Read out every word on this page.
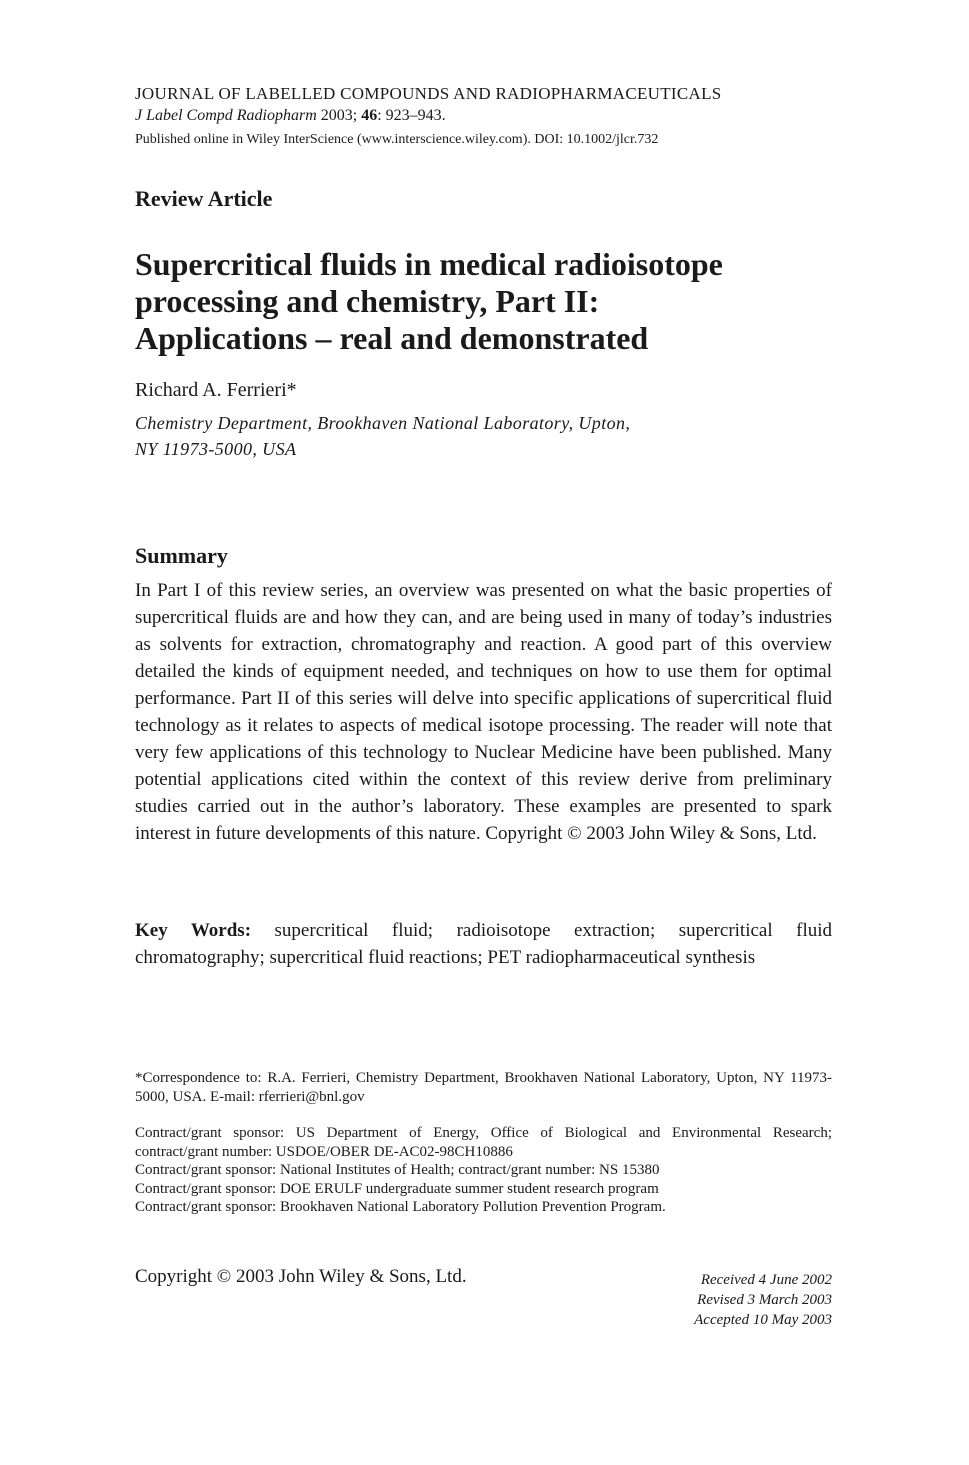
JOURNAL OF LABELLED COMPOUNDS AND RADIOPHARMACEUTICALS
J Label Compd Radiopharm 2003; 46: 923–943.
Published online in Wiley InterScience (www.interscience.wiley.com). DOI: 10.1002/jlcr.732
Review Article
Supercritical fluids in medical radioisotope
processing and chemistry, Part II:
Applications – real and demonstrated
Richard A. Ferrieri*
Chemistry Department, Brookhaven National Laboratory, Upton,
NY 11973-5000, USA
Summary

In Part I of this review series, an overview was presented on what the basic properties of supercritical fluids are and how they can, and are being used in many of today’s industries as solvents for extraction, chromatography and reaction. A good part of this overview detailed the kinds of equipment needed, and techniques on how to use them for optimal performance. Part II of this series will delve into specific applications of supercritical fluid technology as it relates to aspects of medical isotope processing. The reader will note that very few applications of this technology to Nuclear Medicine have been published. Many potential applications cited within the context of this review derive from preliminary studies carried out in the author’s laboratory. These examples are presented to spark interest in future developments of this nature. Copyright © 2003 John Wiley & Sons, Ltd.

Key Words: supercritical fluid; radioisotope extraction; supercritical fluid chromatography; supercritical fluid reactions; PET radiopharmaceutical synthesis

*Correspondence to: R.A. Ferrieri, Chemistry Department, Brookhaven National Laboratory, Upton, NY 11973-5000, USA. E-mail: rferrieri@bnl.gov

Contract/grant sponsor: US Department of Energy, Office of Biological and Environmental Research; contract/grant number: USDOE/OBER DE-AC02-98CH10886

Contract/grant sponsor: National Institutes of Health; contract/grant number: NS 15380

Contract/grant sponsor: DOE ERULF undergraduate summer student research program

Contract/grant sponsor: Brookhaven National Laboratory Pollution Prevention Program.

Copyright © 2003 John Wiley & Sons, Ltd.	Received 4 June 2002
Revised 3 March 2003
Accepted 10 May 2003
